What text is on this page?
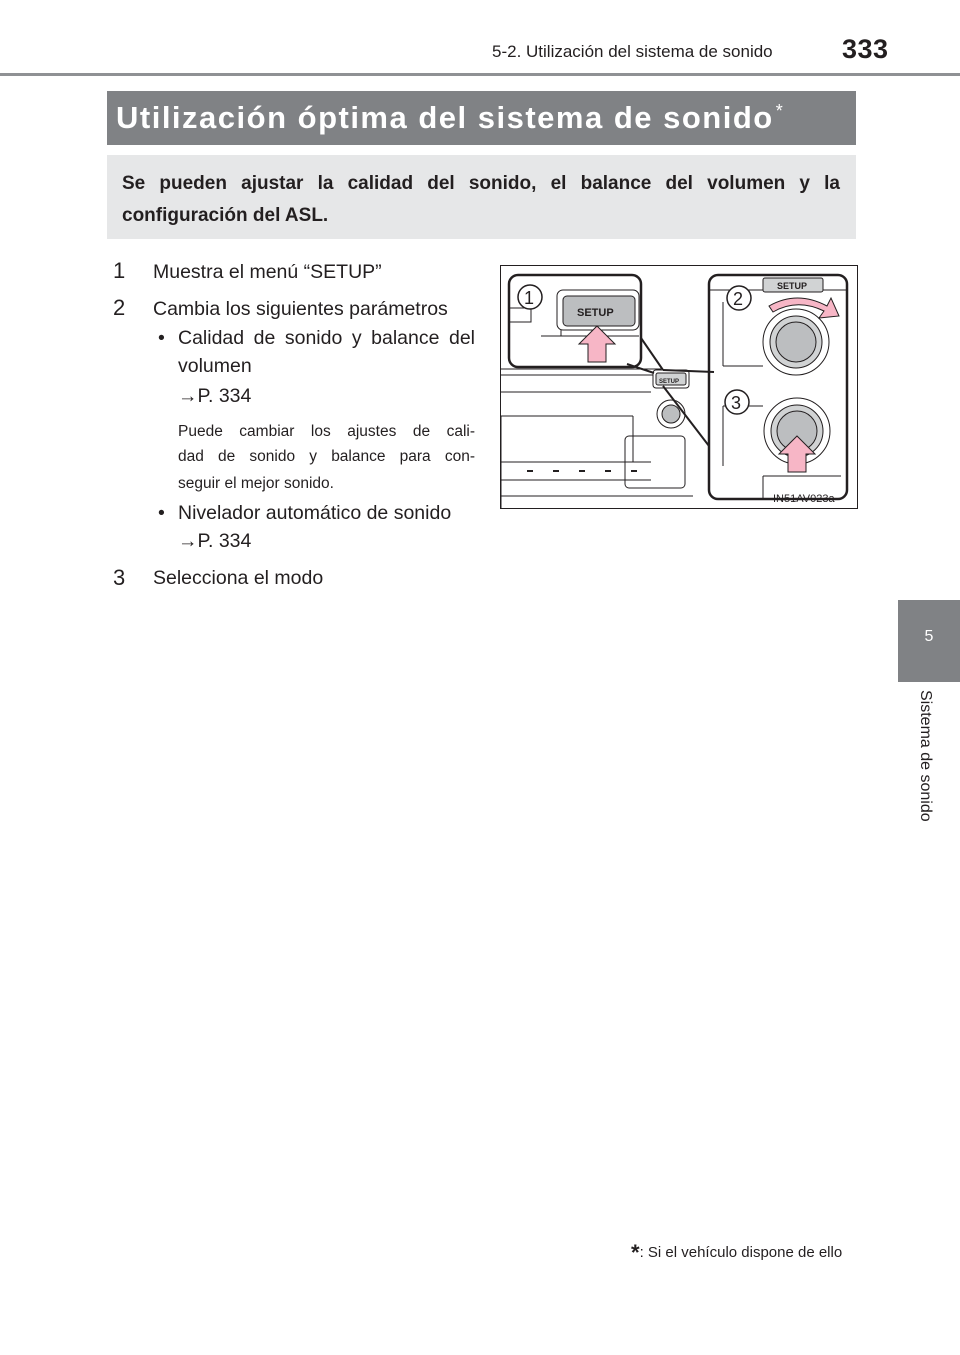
5-2. Utilización del sistema de sonido	333
Utilización óptima del sistema de sonido *
Se pueden ajustar la calidad del sonido, el balance del volumen y la configuración del ASL.
1 Muestra el menú “SETUP”
2 Cambia los siguientes parámetros
• Calidad de sonido y balance del
volumen
→P. 334
Puede cambiar los ajustes de cali-
dad de sonido y balance para con-
seguir el mejor sonido.
• Nivelador automático de sonido
→P. 334
3 Selecciona el modo
SETUP
SETUP
1
SETUP
2
3
IN51AV023a
5
Sistema de sonido
*: Si el vehículo dispone de ello
